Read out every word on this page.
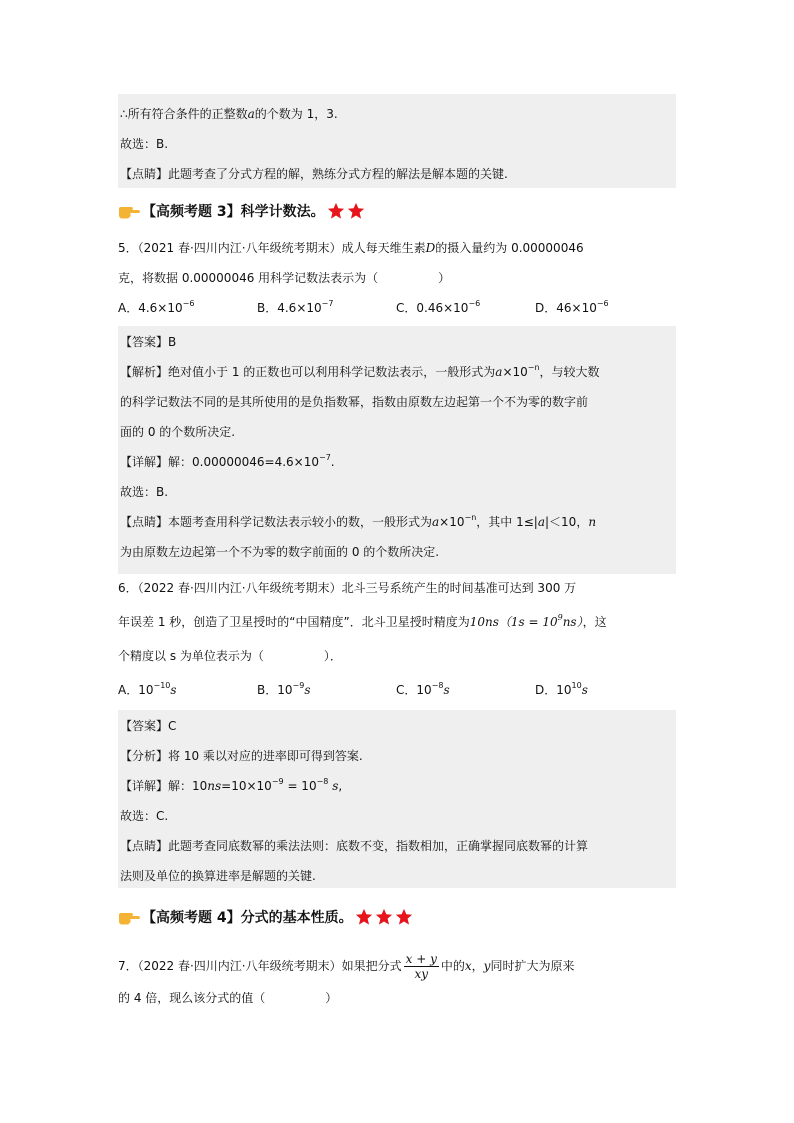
∴所有符合条件的正整数a的个数为 1，3.
故选：B.
【点睛】此题考查了分式方程的解，熟练分式方程的解法是解本题的关键.
【高频考题 3】科学计数法。
5．（2021 春·四川内江·八年级统考期末）成人每天维生素D的摄入量约为 0.00000046
克，将数据 0.00000046 用科学记数法表示为（　　　　　）
A．$4.6\times 10^{-6}$	B．$4.6\times 10^{-7}$	C．$0.46\times 10^{-6}$	D．$46\times 10^{-6}$
【答案】B
【解析】绝对值小于 1 的正数也可以利用科学记数法表示，一般形式为$a\times 10^{-n}$，与较大数
的科学记数法不同的是其所使用的是负指数幂，指数由原数左边起第一个不为零的数字前
面的 0 的个数所决定.
【详解】解：$0.00000046=4.6\times 10^{-7}$.
故选：B.
【点睛】本题考查用科学记数法表示较小的数，一般形式为$a\times 10^{-n}$，其中 1≤|a|＜10，n
为由原数左边起第一个不为零的数字前面的 0 的个数所决定.
6．（2022 春·四川内江·八年级统考期末）北斗三号系统产生的时间基准可达到 300 万
年误差 1 秒，创造了卫星授时的“中国精度”．北斗卫星授时精度为$10ns(1s = 10^9ns)$，这
个精度以 s 为单位表示为（　　　　　）．
A．$10^{-10}s$	B．$10^{-9}s$	C．$10^{-8}s$	D．$10^{10}s$
【答案】C
【分析】将 10 乘以对应的进率即可得到答案.
【详解】解：$10ns=10\times 10^{-9} = 10^{-8}$ s,
故选：C.
【点睛】此题考查同底数幂的乘法法则：底数不变，指数相加，正确掌握同底数幂的计算
法则及单位的换算进率是解题的关键.
【高频考题 4】分式的基本性质。
7．（2022 春·四川内江·八年级统考期末）如果把分式 $\frac{x + y}{xy}$ 中的x，y同时扩大为原来
的 4 倍，现么该分式的值（　　　　　）
